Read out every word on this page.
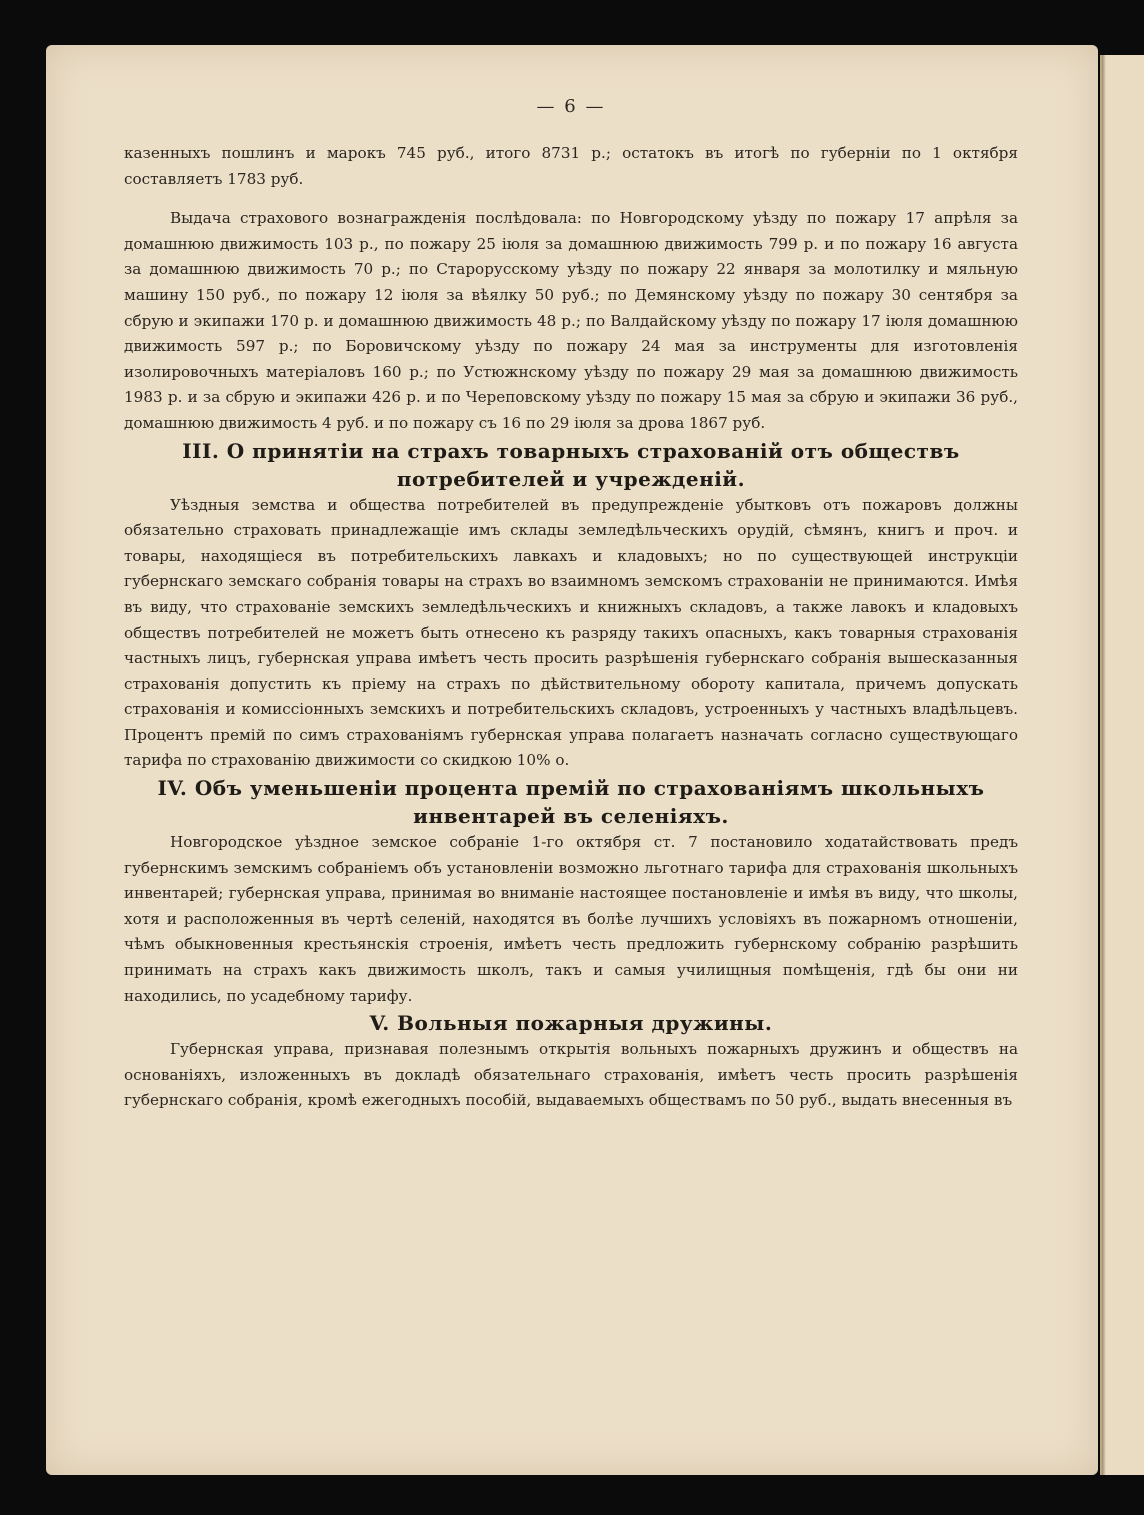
— 6 —

казенныхъ пошлинъ и марокъ 745 руб., итого 8731 р.; остатокъ въ итогѣ по губерніи по 1 октября составляетъ 1783 руб.

Выдача страхового вознагражденія послѣдовала: по Новгородскому уѣзду по пожару 17 апрѣля за домашнюю движимость 103 р., по пожару 25 іюля за домашнюю движимость 799 р. и по пожару 16 августа за домашнюю движимость 70 р.; по Старорусскому уѣзду по пожару 22 января за молотилку и мяльную машину 150 руб., по пожару 12 іюля за вѣялку 50 руб.; по Демянскому уѣзду по пожару 30 сентября за сбрую и экипажи 170 р. и домашнюю движимость 48 р.; по Валдайскому уѣзду по пожару 17 іюля домашнюю движимость 597 р.; по Боровичскому уѣзду по пожару 24 мая за инструменты для изготовленія изолировочныхъ матеріаловъ 160 р.; по Устюжнскому уѣзду по пожару 29 мая за домашнюю движимость 1983 р. и за сбрую и экипажи 426 р. и по Череповскому уѣзду по пожару 15 мая за сбрую и экипажи 36 руб., домашнюю движимость 4 руб. и по пожару съ 16 по 29 іюля за дрова 1867 руб.

III. О принятіи на страхъ товарныхъ страхованій отъ обществъ потребителей и учрежденій.

Уѣздныя земства и общества потребителей въ предупрежденіе убытковъ отъ пожаровъ должны обязательно страховать принадлежащіе имъ склады земледѣльческихъ орудій, сѣмянъ, книгъ и проч. и товары, находящіеся въ потребительскихъ лавкахъ и кладовыхъ; но по существующей инструкціи губернскаго земскаго собранія товары на страхъ во взаимномъ земскомъ страхованіи не принимаются. Имѣя въ виду, что страхованіе земскихъ земледѣльческихъ и книжныхъ складовъ, а также лавокъ и кладовыхъ обществъ потребителей не можетъ быть отнесено къ разряду такихъ опасныхъ, какъ товарныя страхованія частныхъ лицъ, губернская управа имѣетъ честь просить разрѣшенія губернскаго собранія вышесказанныя страхованія допустить къ пріему на страхъ по дѣйствительному обороту капитала, причемъ допускать страхованія и комиссіонныхъ земскихъ и потребительскихъ складовъ, устроенныхъ у частныхъ владѣльцевъ. Процентъ премій по симъ страхованіямъ губернская управа полагаетъ назначать согласно существующаго тарифа по страхованію движимости со скидкою 10% о.

IV. Объ уменьшеніи процента премій по страхованіямъ школьныхъ инвентарей въ селеніяхъ.

Новгородское уѣздное земское собраніе 1-го октября ст. 7 постановило ходатайствовать предъ губернскимъ земскимъ собраніемъ объ установленіи возможно льготнаго тарифа для страхованія школьныхъ инвентарей; губернская управа, принимая во вниманіе настоящее постановленіе и имѣя въ виду, что школы, хотя и расположенныя въ чертѣ селеній, находятся въ болѣе лучшихъ условіяхъ въ пожарномъ отношеніи, чѣмъ обыкновенныя крестьянскія строенія, имѣетъ честь предложить губернскому собранію разрѣшить принимать на страхъ какъ движимость школъ, такъ и самыя училищныя помѣщенія, гдѣ бы они ни находились, по усадебному тарифу.

V. Вольныя пожарныя дружины.

Губернская управа, признавая полезнымъ открытія вольныхъ пожарныхъ дружинъ и обществъ на основаніяхъ, изложенныхъ въ докладѣ обязательнаго страхованія, имѣетъ честь просить разрѣшенія губернскаго собранія, кромѣ ежегодныхъ пособій, выдаваемыхъ обществамъ по 50 руб., выдать внесенныя въ
